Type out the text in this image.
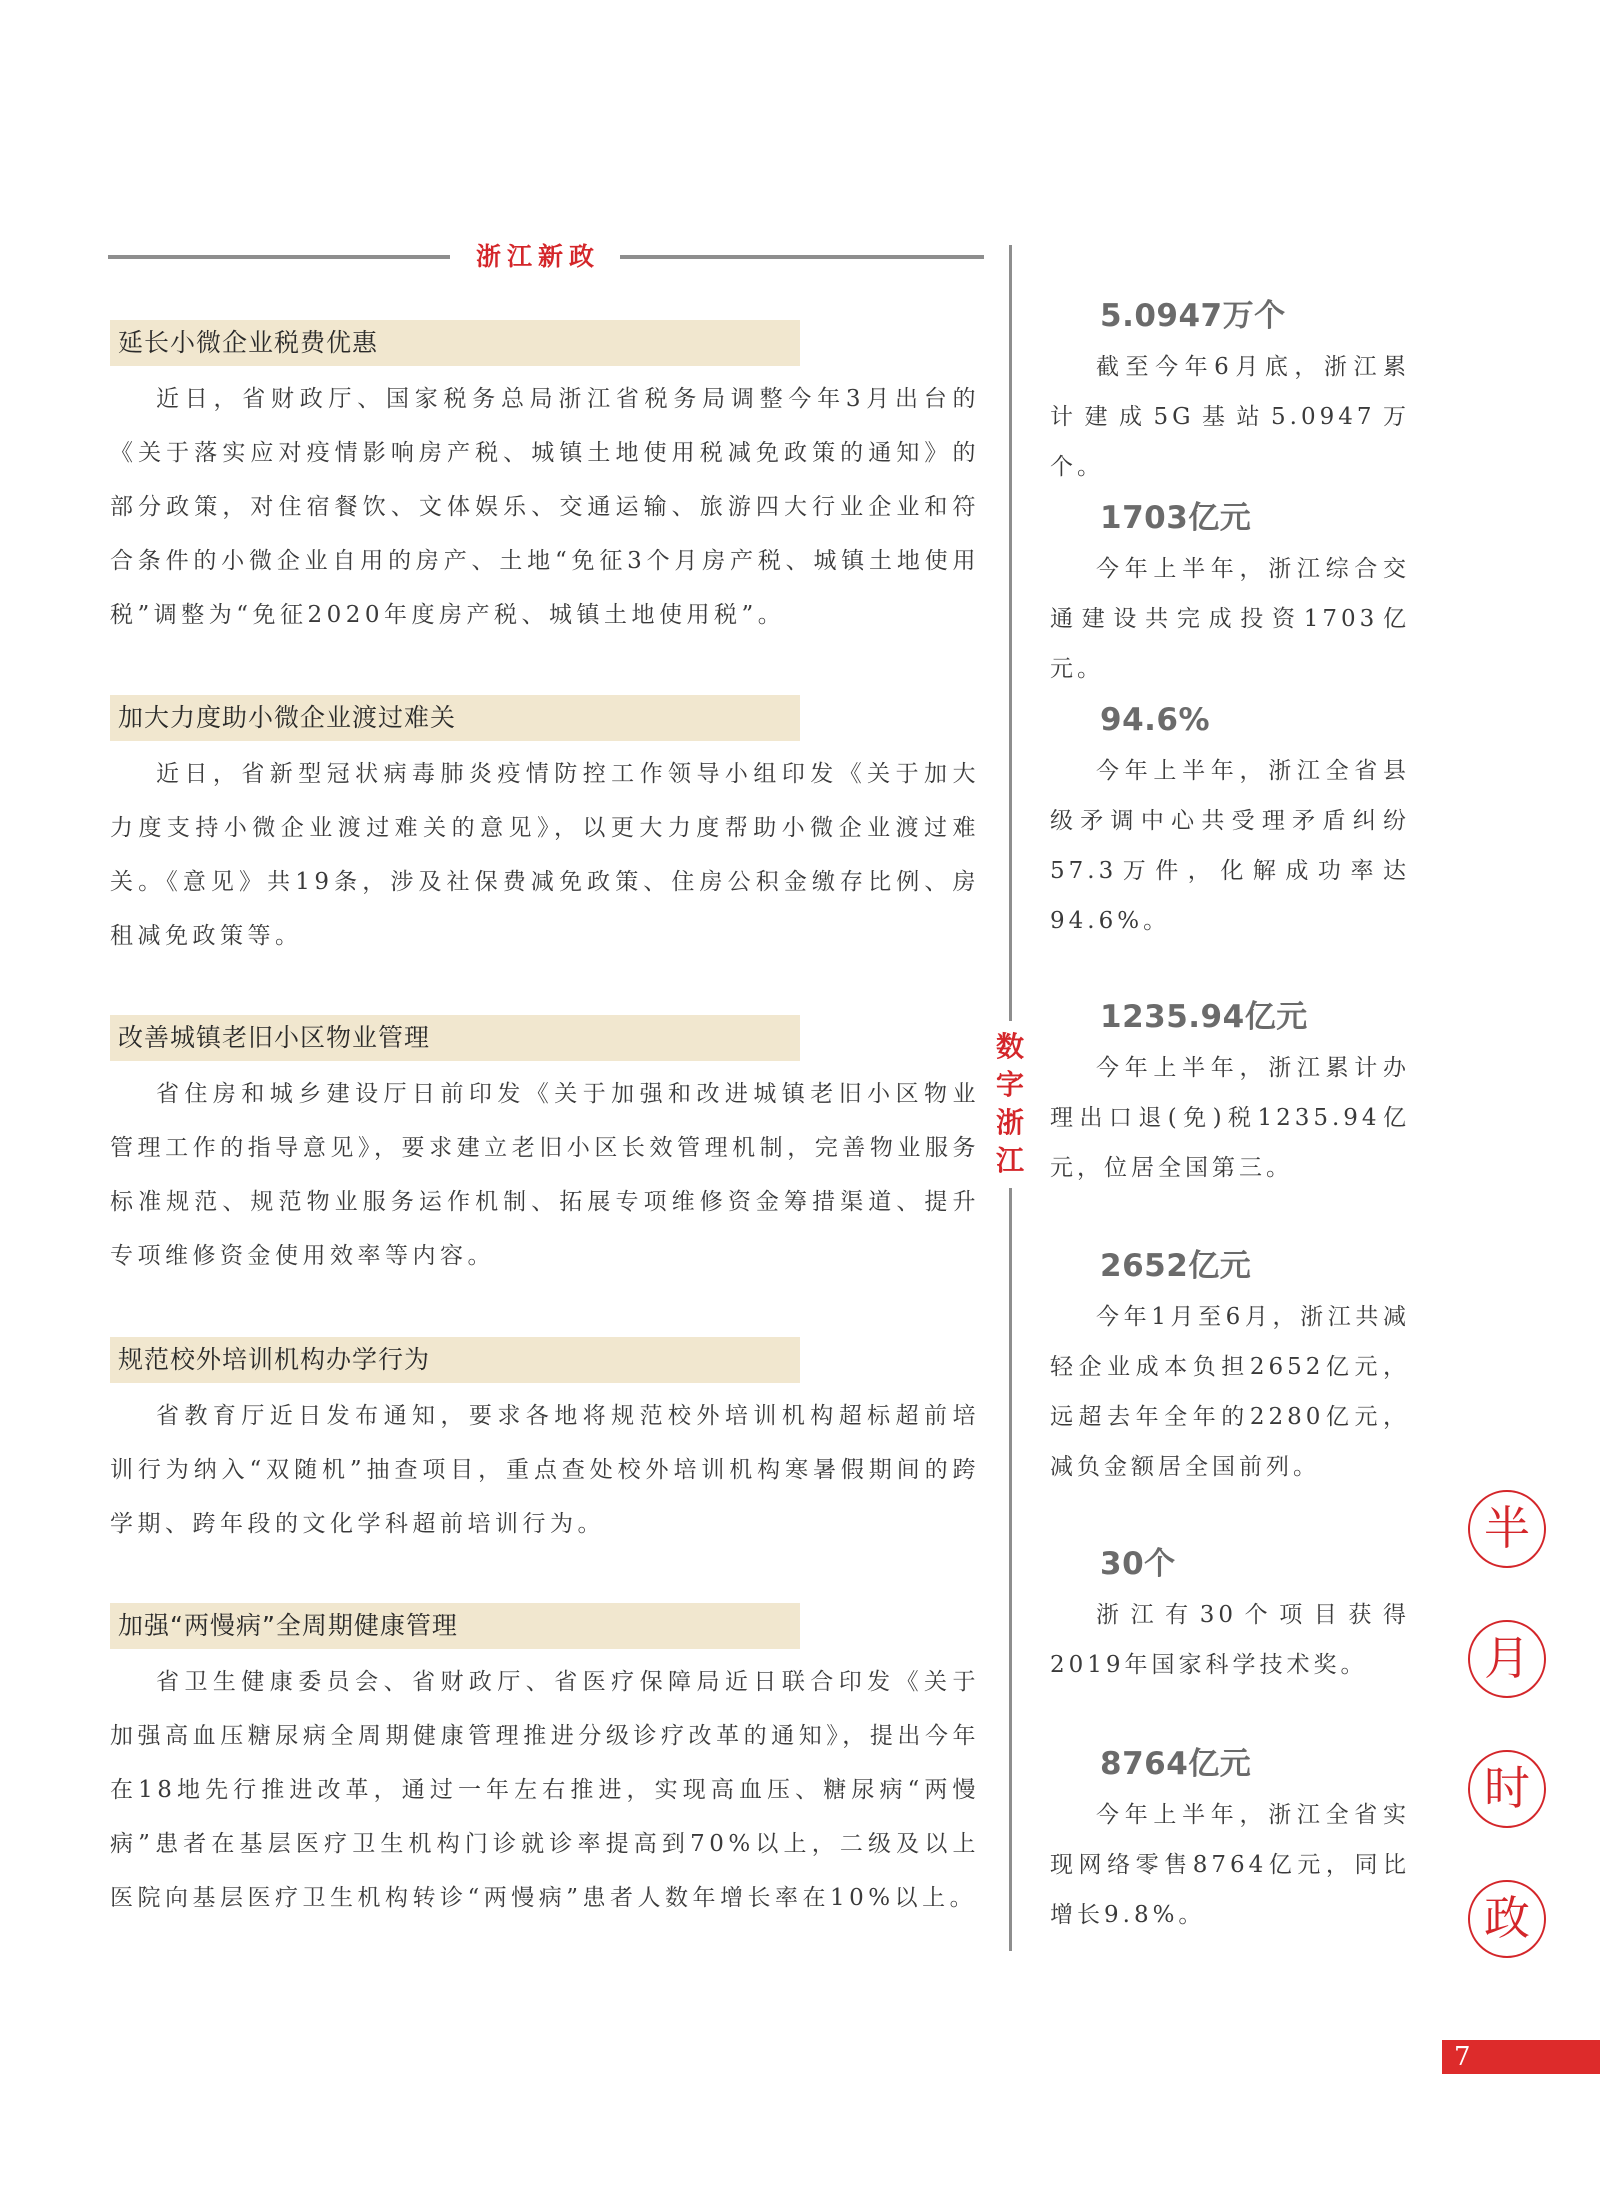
浙江新政
数
字
浙
江
延长小微企业税费优惠
近日，省财政厅、国家税务总局浙江省税务局调整今年3月出台的《关于落实应对疫情影响房产税、城镇土地使用税减免政策的通知》的部分政策，对住宿餐饮、文体娱乐、交通运输、旅游四大行业企业和符合条件的小微企业自用的房产、土地“免征3个月房产税、城镇土地使用税”调整为“免征2020年度房产税、城镇土地使用税”。
加大力度助小微企业渡过难关
近日，省新型冠状病毒肺炎疫情防控工作领导小组印发《关于加大力度支持小微企业渡过难关的意见》，以更大力度帮助小微企业渡过难关。《意见》共19条，涉及社保费减免政策、住房公积金缴存比例、房租减免政策等。
改善城镇老旧小区物业管理
省住房和城乡建设厅日前印发《关于加强和改进城镇老旧小区物业管理工作的指导意见》，要求建立老旧小区长效管理机制，完善物业服务标准规范、规范物业服务运作机制、拓展专项维修资金筹措渠道、提升专项维修资金使用效率等内容。
规范校外培训机构办学行为
省教育厅近日发布通知，要求各地将规范校外培训机构超标超前培训行为纳入“双随机”抽查项目，重点查处校外培训机构寒暑假期间的跨学期、跨年段的文化学科超前培训行为。
加强“两慢病”全周期健康管理
省卫生健康委员会、省财政厅、省医疗保障局近日联合印发《关于加强高血压糖尿病全周期健康管理推进分级诊疗改革的通知》，提出今年在18地先行推进改革，通过一年左右推进，实现高血压、糖尿病“两慢病”患者在基层医疗卫生机构门诊就诊率提高到70%以上，二级及以上医院向基层医疗卫生机构转诊“两慢病”患者人数年增长率在10%以上。
5.0947万个
截至今年6月底，浙江累计建成5G基站5.0947万个。
1703亿元
今年上半年，浙江综合交通建设共完成投资1703亿元。
94.6%
今年上半年，浙江全省县级矛调中心共受理矛盾纠纷57.3万件，化解成功率达94.6%。
1235.94亿元
今年上半年，浙江累计办理出口退(免)税1235.94亿元，位居全国第三。
2652亿元
今年1月至6月，浙江共减轻企业成本负担2652亿元，远超去年全年的2280亿元，减负金额居全国前列。
30个
浙江有30个项目获得2019年国家科学技术奖。
8764亿元
今年上半年，浙江全省实现网络零售8764亿元，同比增长9.8%。
半
月
时
政
7
